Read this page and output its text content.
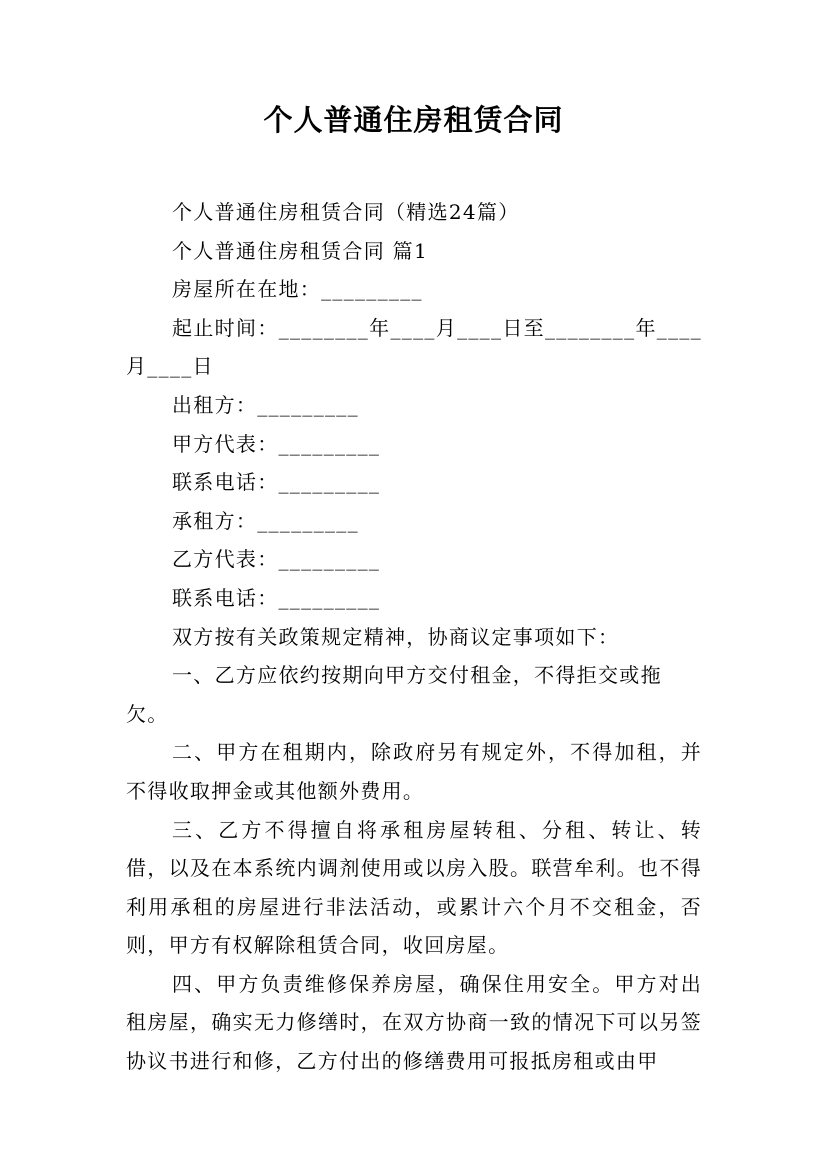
个人普通住房租赁合同

个人普通住房租赁合同（精选24篇）

个人普通住房租赁合同 篇1

房屋所在在地：_________

起止时间：________年____月____日至________年____月____日

出租方：_________

甲方代表：_________

联系电话：_________

承租方：_________

乙方代表：_________

联系电话：_________

双方按有关政策规定精神，协商议定事项如下：

一、乙方应依约按期向甲方交付租金，不得拒交或拖欠。

二、甲方在租期内，除政府另有规定外，不得加租，并不得收取押金或其他额外费用。

三、乙方不得擅自将承租房屋转租、分租、转让、转借，以及在本系统内调剂使用或以房入股。联营牟利。也不得利用承租的房屋进行非法活动，或累计六个月不交租金，否则，甲方有权解除租赁合同，收回房屋。

四、甲方负责维修保养房屋，确保住用安全。甲方对出租房屋，确实无力修缮时，在双方协商一致的情况下可以另签协议书进行和修，乙方付出的修缮费用可报抵房租或由甲
